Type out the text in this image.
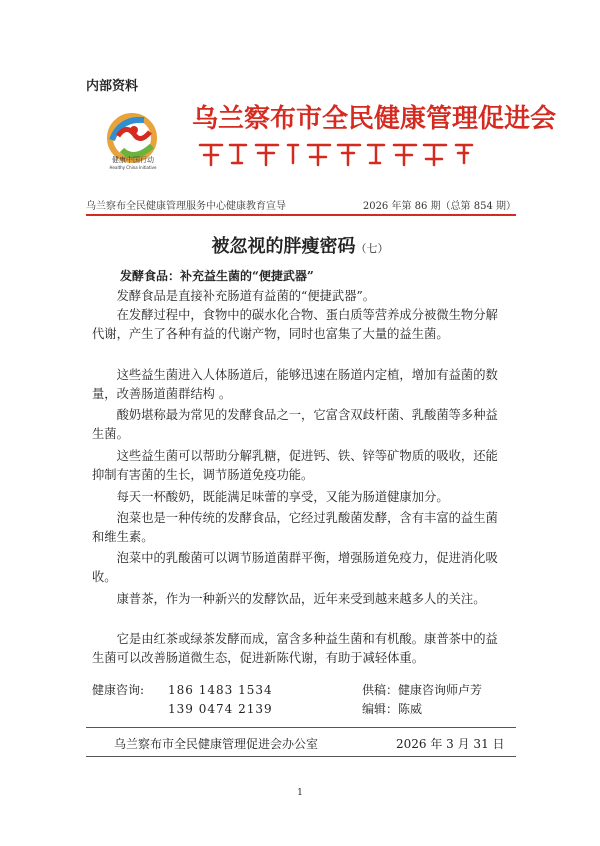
内部资料
健康中国行动
Healthy China Initiative
乌兰察布市全民健康管理促进会
乌兰察布全民健康管理服务中心健康教育宣导	2026 年第 86 期（总第 854 期）
被忽视的胖瘦密码（七）
发酵食品：补充益生菌的“便捷武器”
发酵食品是直接补充肠道有益菌的“便捷武器”。
在发酵过程中，食物中的碳水化合物、蛋白质等营养成分被微生物分解代谢，产生了各种有益的代谢产物，同时也富集了大量的益生菌。
这些益生菌进入人体肠道后，能够迅速在肠道内定植，增加有益菌的数量，改善肠道菌群结构 。
酸奶堪称最为常见的发酵食品之一，它富含双歧杆菌、乳酸菌等多种益生菌。
这些益生菌可以帮助分解乳糖，促进钙、铁、锌等矿物质的吸收，还能抑制有害菌的生长，调节肠道免疫功能。
每天一杯酸奶，既能满足味蕾的享受，又能为肠道健康加分。
泡菜也是一种传统的发酵食品，它经过乳酸菌发酵，含有丰富的益生菌和维生素。
泡菜中的乳酸菌可以调节肠道菌群平衡，增强肠道免疫力，促进消化吸收。
康普茶，作为一种新兴的发酵饮品，近年来受到越来越多人的关注。
它是由红茶或绿茶发酵而成，富含多种益生菌和有机酸。康普茶中的益生菌可以改善肠道微生态，促进新陈代谢，有助于减轻体重。
健康咨询:	186 1483 1534	供稿：健康咨询师卢芳
139 0474 2139	编辑：陈威
乌兰察布市全民健康管理促进会办公室	2026 年 3 月 31 日
1
